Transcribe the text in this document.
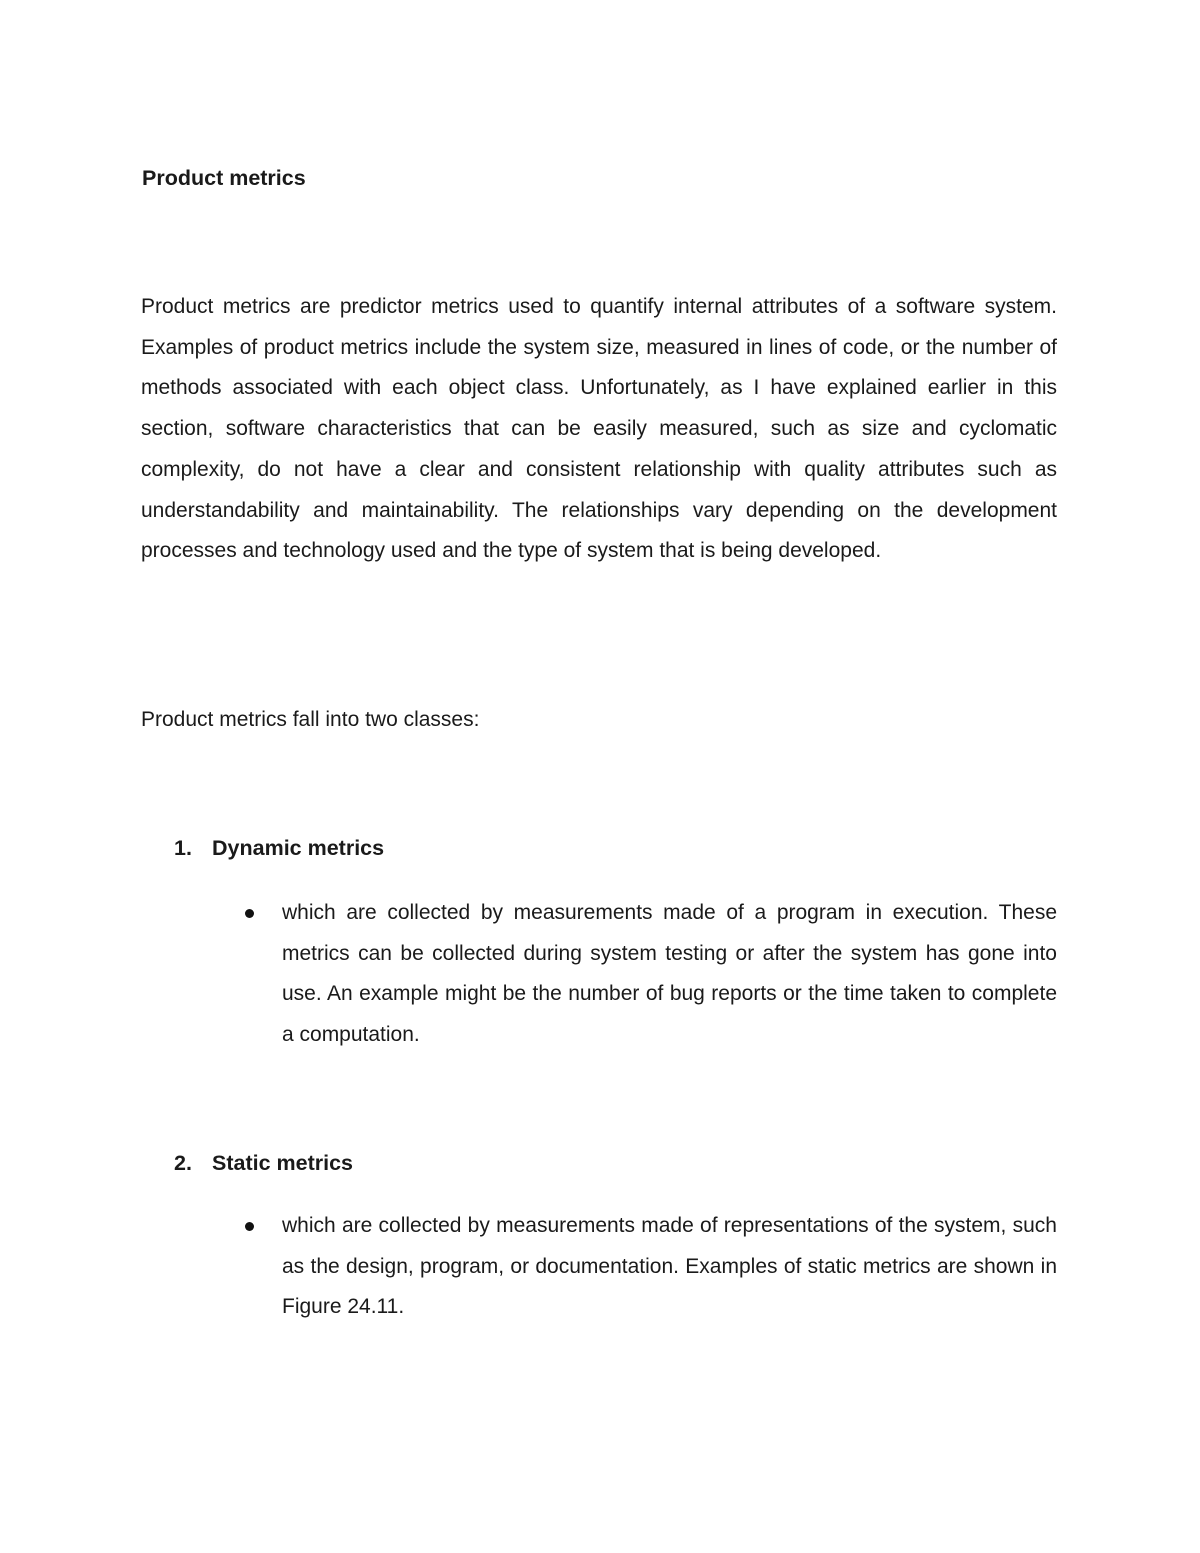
Product metrics

Product metrics are predictor metrics used to quantify internal attributes of a software system. Examples of product metrics include the system size, measured in lines of code, or the number of methods associated with each object class. Unfortunately, as I have explained earlier in this section, software characteristics that can be easily measured, such as size and cyclomatic complexity, do not have a clear and consistent relationship with quality attributes such as understandability and maintainability. The relationships vary depending on the development processes and technology used and the type of system that is being developed.

Product metrics fall into two classes:

1. Dynamic metrics

which are collected by measurements made of a program in execution. These metrics can be collected during system testing or after the system has gone into use. An example might be the number of bug reports or the time taken to complete a computation.

2. Static metrics

which are collected by measurements made of representations of the system, such as the design, program, or documentation. Examples of static metrics are shown in Figure 24.11.
